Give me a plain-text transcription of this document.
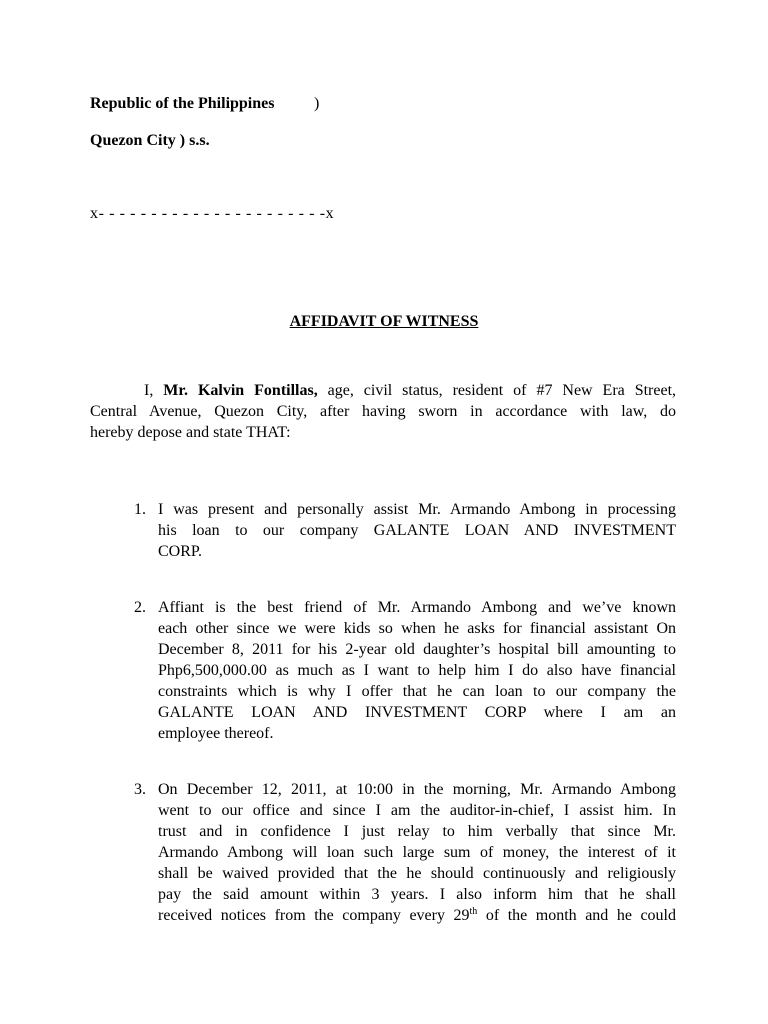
Republic of the Philippines )
Quezon City ) s.s.
x- - - - - - - - - - - - - - - - - - - - - -x
AFFIDAVIT OF WITNESS
I, Mr. Kalvin Fontillas, age, civil status, resident of #7 New Era Street,
Central Avenue, Quezon City, after having sworn in accordance with law, do
hereby depose and state THAT:
1. I was present and personally assist Mr. Armando Ambong in processing
his loan to our company GALANTE LOAN AND INVESTMENT
CORP.
2. Affiant is the best friend of Mr. Armando Ambong and we’ve known
each other since we were kids so when he asks for financial assistant On
December 8, 2011 for his 2-year old daughter’s hospital bill amounting to
Php6,500,000.00 as much as I want to help him I do also have financial
constraints which is why I offer that he can loan to our company the
GALANTE LOAN AND INVESTMENT CORP where I am an
employee thereof.
3. On December 12, 2011, at 10:00 in the morning, Mr. Armando Ambong
went to our office and since I am the auditor-in-chief, I assist him. In
trust and in confidence I just relay to him verbally that since Mr.
Armando Ambong will loan such large sum of money, the interest of it
shall be waived provided that the he should continuously and religiously
pay the said amount within 3 years. I also inform him that he shall
received notices from the company every 29th of the month and he could
